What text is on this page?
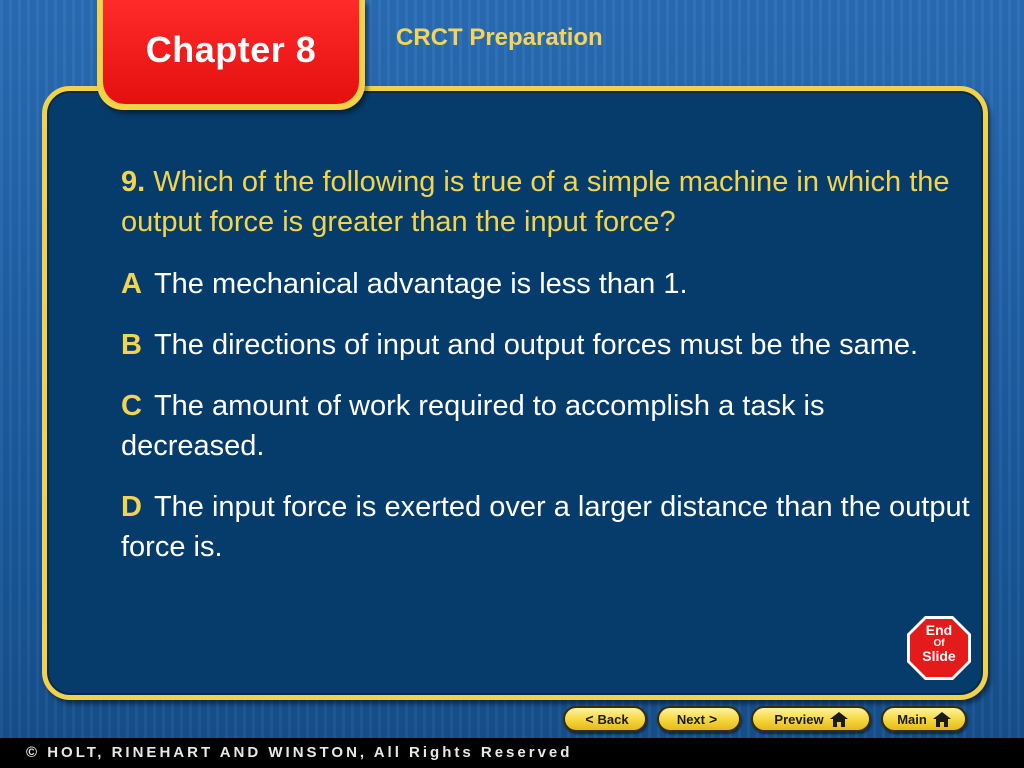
Chapter 8	CRCT Preparation

9. Which of the following is true of a simple machine in which the output force is greater than the input force?

A The mechanical advantage is less than 1.

B The directions of input and output forces must be the same.

C The amount of work required to accomplish a task is decreased.

D The input force is exerted over a larger distance than the output force is.

End

Of
Slide
< Back	Next >	Preview	Main
© HOLT, RINEHART AND WINSTON, All Rights Reserved
